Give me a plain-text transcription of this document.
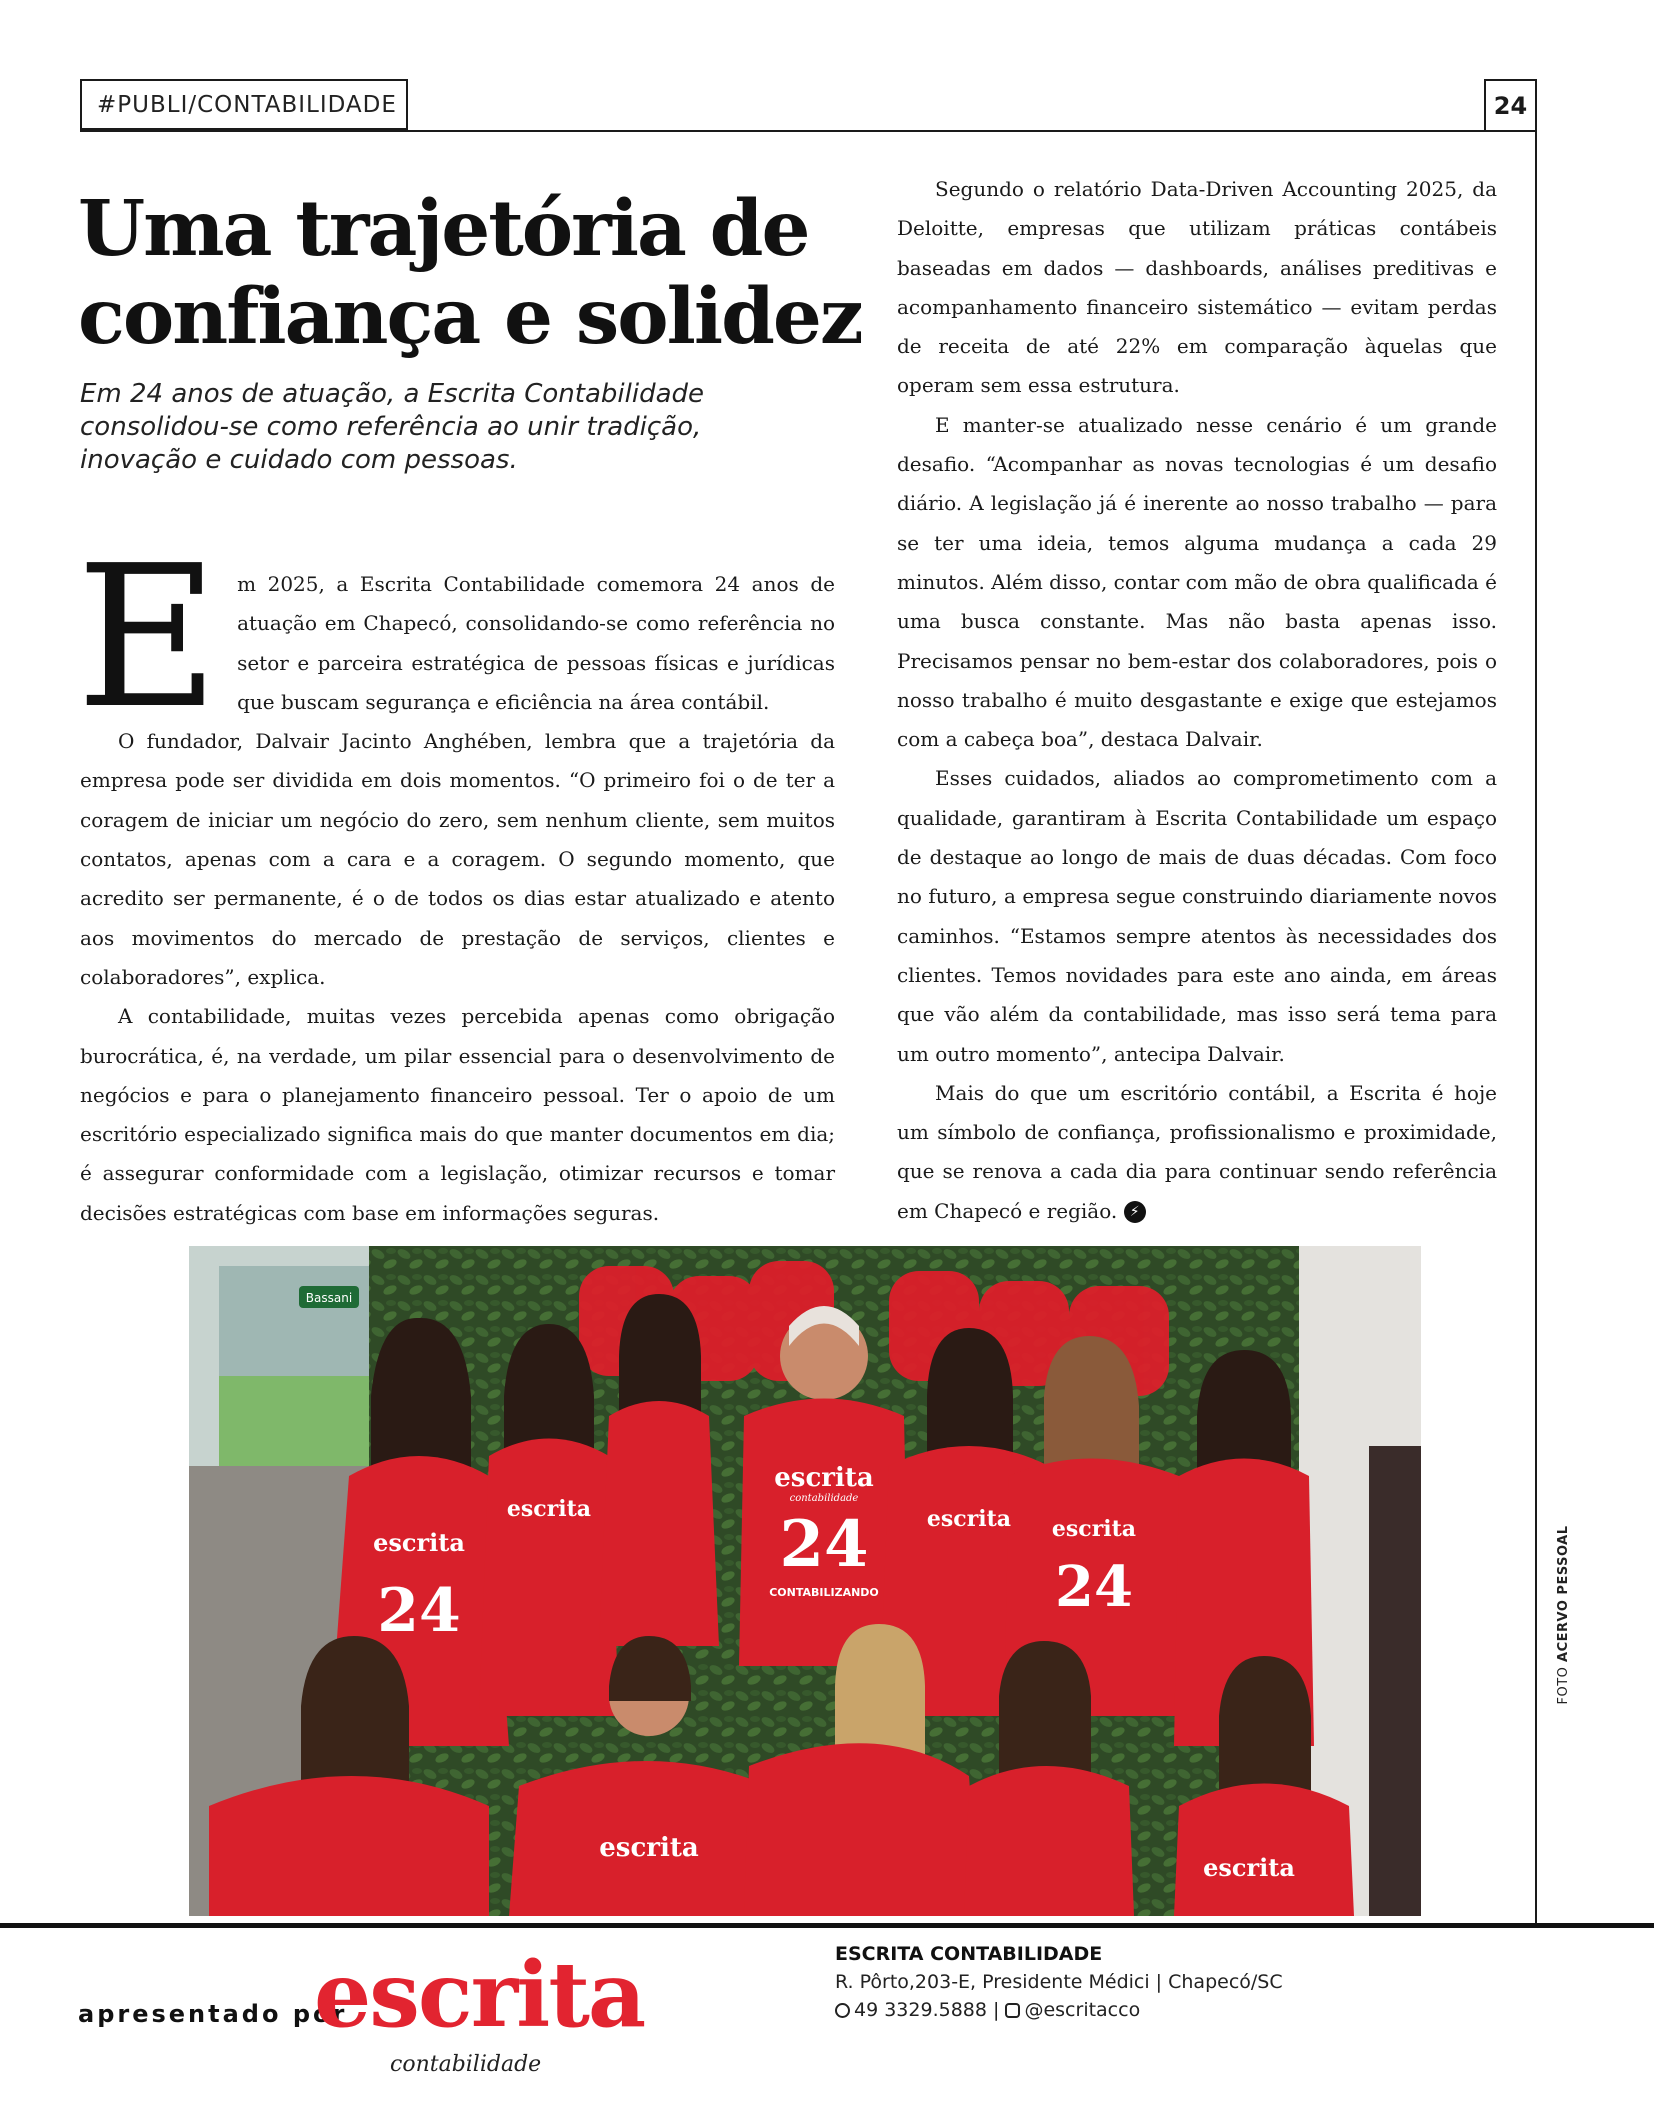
#PUBLI/CONTABILIDADE	24
Uma trajetória de
confiança e solidez

Em 24 anos de atuação, a Escrita Contabilidade consolidou-se como referência ao unir tradição, inovação e cuidado com pessoas.

Em 2025, a Escrita Contabilidade comemora 24 anos de atuação em Chapecó, consolidando-se como referência no setor e parceira estratégica de pessoas físicas e jurídicas que buscam segurança e eficiência na área contábil.

O fundador, Dalvair Jacinto Anghében, lembra que a trajetória da empresa pode ser dividida em dois momentos. “O primeiro foi o de ter a coragem de iniciar um negócio do zero, sem nenhum cliente, sem muitos contatos, apenas com a cara e a coragem. O segundo momento, que acredito ser permanente, é o de todos os dias estar atualizado e atento aos movimentos do mercado de prestação de serviços, clientes e colaboradores”, explica.

A contabilidade, muitas vezes percebida apenas como obrigação burocrática, é, na verdade, um pilar essencial para o desenvolvimento de negócios e para o planejamento financeiro pessoal. Ter o apoio de um escritório especializado significa mais do que manter documentos em dia; é assegurar conformidade com a legislação, otimizar recursos e tomar decisões estratégicas com base em informações seguras.

Segundo o relatório Data-Driven Accounting 2025, da Deloitte, empresas que utilizam práticas contábeis baseadas em dados — dashboards, análises preditivas e acompanhamento financeiro sistemático — evitam perdas de receita de até 22% em comparação àquelas que operam sem essa estrutura.

E manter-se atualizado nesse cenário é um grande desafio. “Acompanhar as novas tecnologias é um desafio diário. A legislação já é inerente ao nosso trabalho — para se ter uma ideia, temos alguma mudança a cada 29 minutos. Além disso, contar com mão de obra qualificada é uma busca constante. Mas não basta apenas isso. Precisamos pensar no bem-estar dos colaboradores, pois o nosso trabalho é muito desgastante e exige que estejamos com a cabeça boa”, destaca Dalvair.

Esses cuidados, aliados ao comprometimento com a qualidade, garantiram à Escrita Contabilidade um espaço de destaque ao longo de mais de duas décadas. Com foco no futuro, a empresa segue construindo diariamente novos caminhos. “Estamos sempre atentos às necessidades dos clientes. Temos novidades para este ano ainda, em áreas que vão além da contabilidade, mas isso será tema para um outro momento”, antecipa Dalvair.

Mais do que um escritório contábil, a Escrita é hoje um símbolo de confiança, profissionalismo e proximidade, que se renova a cada dia para continuar sendo referência em Chapecó e região. ⚡

Bassani
escrita
escrita
escrita
escrita escrita
escrita
escrita
24
24	24
CONTABILIZANDO
contabilidade
FOTO ACERVO PESSOAL
apresentado por
escrita
contabilidade
ESCRITA CONTABILIDADE
R. Pôrto,203-E, Presidente Médici | Chapecó/SC
49 3329.5888 | @escritacco
